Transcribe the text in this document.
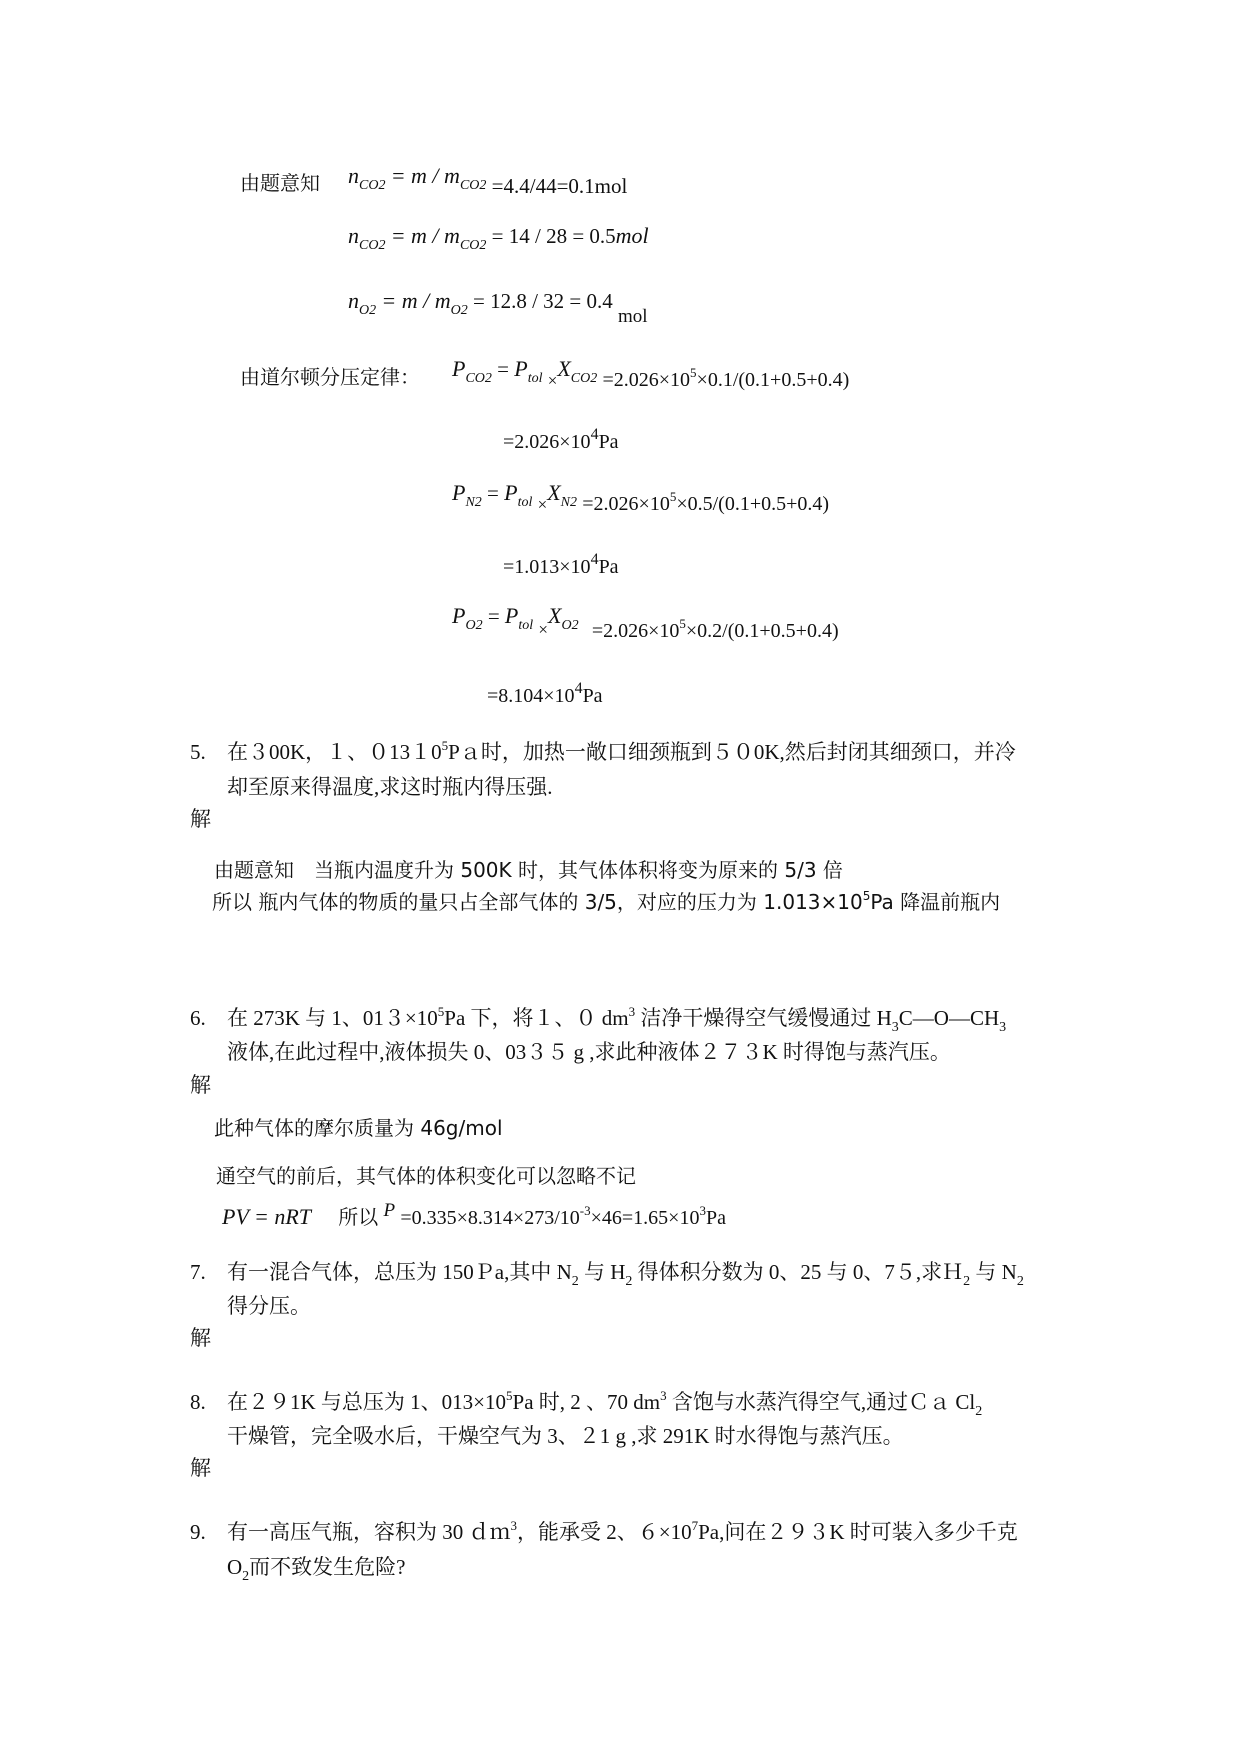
由题意知 $n_{CO2} = m / m_{CO2} =4.4/44=0.1mol$
$n_{CO2} = m / m_{CO2} = 14 / 28 = 0.5mol$
$n_{O2} = m / m_{O2} = 12.8 / 32 = 0.4$ mol
由道尔顿分压定律： $P_{CO2} = P_{tol}$ $_\times X_{CO2} =2.026\times 10^5\times 0.1/(0.1+0.5+0.4)$
$=2.026\times 10^4Pa$
$P_{N2} = P_{tol}$ $_\times X_{N2} =2.026\times 10^5\times 0.5/(0.1+0.5+0.4)$
$=1.013\times 10^4Pa$
$P_{O2} = P_{tol}$ $_\times X_{O2} =2.026\times 10^5\times 0.2/(0.1+0.5+0.4)$
$=8.104\times 10^4Pa$
5. 在３00K，１、０13１0$^5$Pａ时，加热一敞口细颈瓶到５０0K,然后封闭其细颈口，并冷
却至原来得温度,求这时瓶内得压强.
解
由题意知　当瓶内温度升为 500K 时，其气体体积将变为原来的 5/3 倍
所以 瓶内气体的物质的量只占全部气体的 3/5，对应的压力为 $1.013\times 10^5Pa$ 降温前瓶内
6. 在 273K 与 1、$013\times 10^5Pa$ 下，将１、０ $dm^3$ 洁净干燥得空气缓慢通过 $H_3C—O—CH_3$
液体,在此过程中,液体损失 0、03３５ g ,求此种液体２７３K 时得饱与蒸汽压。
解
此种气体的摩尔质量为 46g/mol
通空气的前后，其气体的体积变化可以忽略不记
PV = nRT 所以 $P =0.335\times 8.314\times 273/10^{-3}\times 46=1.65\times 10^3Pa$
7. 有一混合气体，总压为 150Ｐa,其中 $N_2$ 与 $H_2$ 得体积分数为 0、25 与 0、7５,求Ｈ$_2$ 与 $N_2$
得分压。
解
8. 在２９1K 与总压为 1、$013\times 10^5Pa$ 时, 2 、70 $dm^3$ 含饱与水蒸汽得空气,通过Ｃａ $Cl_2$
干燥管，完全吸水后，干燥空气为 3、２1 g ,求 291K 时水得饱与蒸汽压。
解
9. 有一高压气瓶，容积为 30 ｄｍ$^3$，能承受 2、$6\times 10^7Pa$,问在２９３K 时可装入多少千克
$O_2$而不致发生危险?
